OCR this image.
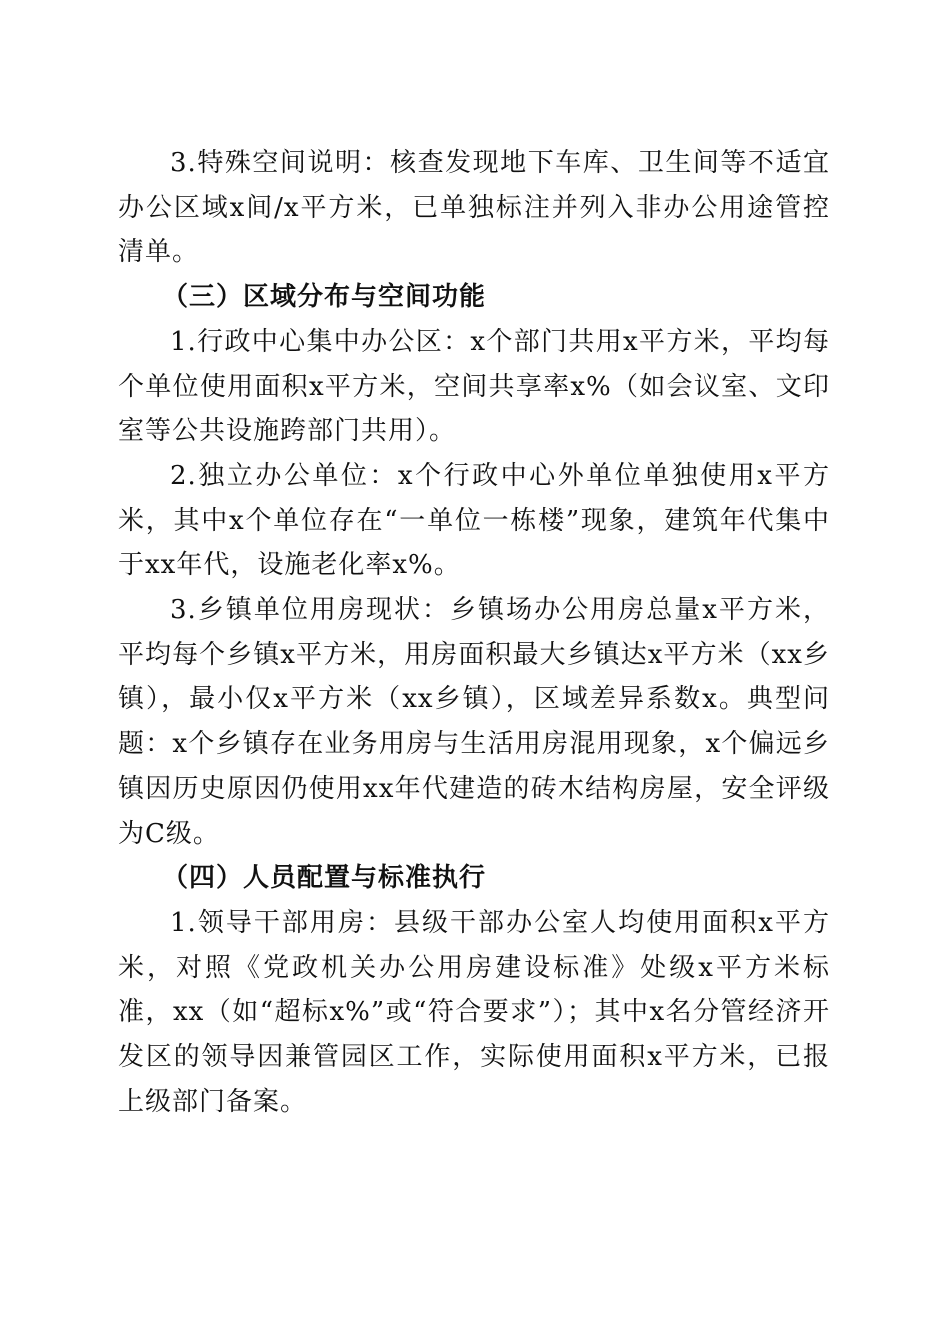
3.特殊空间说明：核查发现地下车库、卫生间等不适宜办公区域x间/x平方米，已单独标注并列入非办公用途管控清单。

（三）区域分布与空间功能

1.行政中心集中办公区：x个部门共用x平方米，平均每个单位使用面积x平方米，空间共享率x%（如会议室、文印室等公共设施跨部门共用）。

2.独立办公单位：x个行政中心外单位单独使用x平方米，其中x个单位存在“一单位一栋楼”现象，建筑年代集中于xx年代，设施老化率x%。

3.乡镇单位用房现状：乡镇场办公用房总量x平方米，平均每个乡镇x平方米，用房面积最大乡镇达x平方米（xx乡镇），最小仅x平方米（xx乡镇），区域差异系数x。典型问题：x个乡镇存在业务用房与生活用房混用现象，x个偏远乡镇因历史原因仍使用xx年代建造的砖木结构房屋，安全评级为C级。

（四）人员配置与标准执行

1.领导干部用房：县级干部办公室人均使用面积x平方米，对照《党政机关办公用房建设标准》处级x平方米标准，xx（如“超标x%”或“符合要求”）；其中x名分管经济开发区的领导因兼管园区工作，实际使用面积x平方米，已报上级部门备案。
